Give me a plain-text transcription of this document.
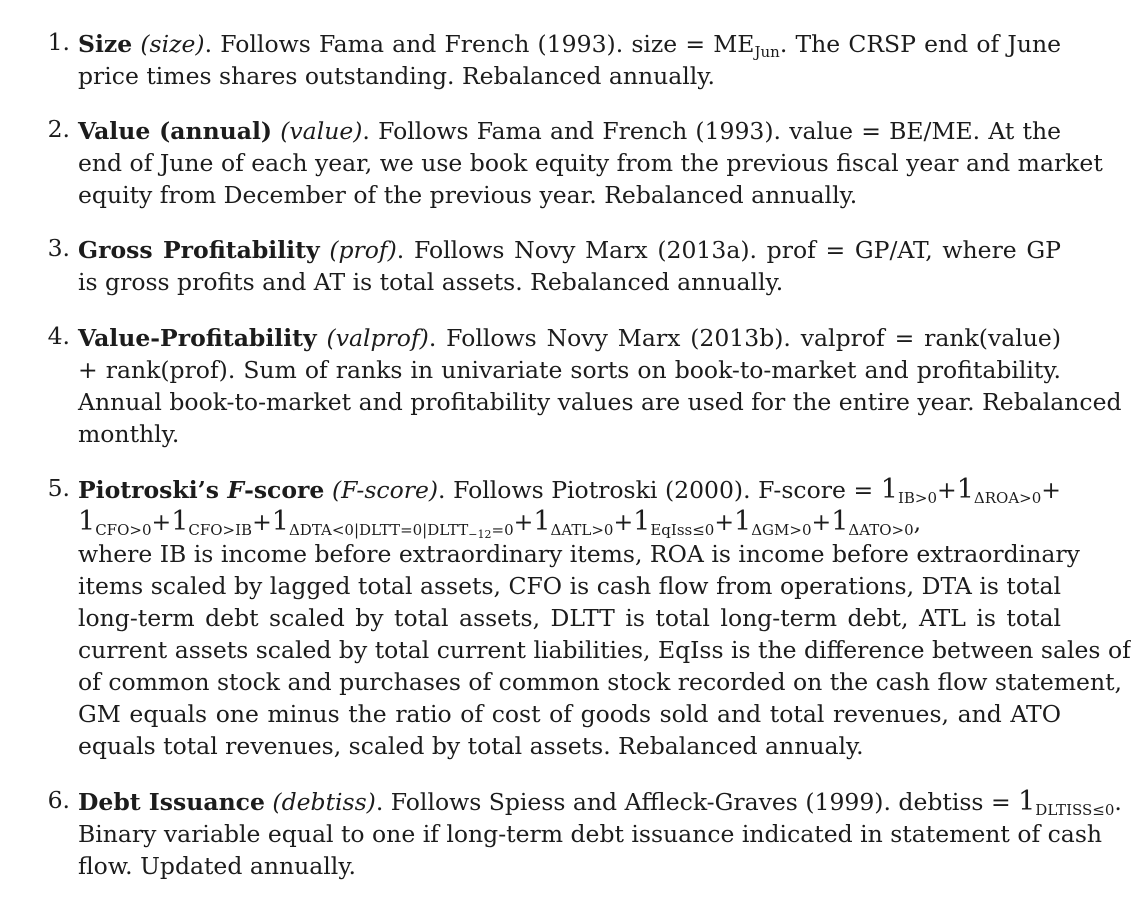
1. Size (size). Follows Fama and French (1993). size = $ME_{Jun}$. The CRSP end of June
price times shares outstanding. Rebalanced annually.
2. Value (annual) (value). Follows Fama and French (1993). value = BE/ME. At the
end of June of each year, we use book equity from the previous fiscal year and market
equity from December of the previous year. Rebalanced annually.
3. Gross Profitability (prof). Follows Novy Marx (2013a). prof = GP/AT, where GP
is gross profits and AT is total assets. Rebalanced annually.
4. Value-Profitability (valprof). Follows Novy Marx (2013b). valprof = rank(value)
+ rank(prof). Sum of ranks in univariate sorts on book-to-market and profitability.
Annual book-to-market and profitability values are used for the entire year. Rebalanced
monthly.
5. Piotroski’s F-score (F-score). Follows Piotroski (2000). F-score = $1_{IB>0}+1_{\Delta ROA>0}+$
$1_{CFO>0}+1_{CFO>IB}+1_{\Delta DTA<0|DLTT=0|DLTT_{-12}=0}+1_{\Delta ATL>0}+1_{EqIss\le 0}+1_{\Delta GM>0}+1_{\Delta ATO>0}$,
where IB is income before extraordinary items, ROA is income before extraordinary
items scaled by lagged total assets, CFO is cash flow from operations, DTA is total
long-term debt scaled by total assets, DLTT is total long-term debt, ATL is total
current assets scaled by total current liabilities, EqIss is the difference between sales of
of common stock and purchases of common stock recorded on the cash flow statement,
GM equals one minus the ratio of cost of goods sold and total revenues, and ATO
equals total revenues, scaled by total assets. Rebalanced annualy.
6. Debt Issuance (debtiss). Follows Spiess and Affleck-Graves (1999). debtiss = $1_{DLTISS\le 0}$.
Binary variable equal to one if long-term debt issuance indicated in statement of cash
flow. Updated annually.
